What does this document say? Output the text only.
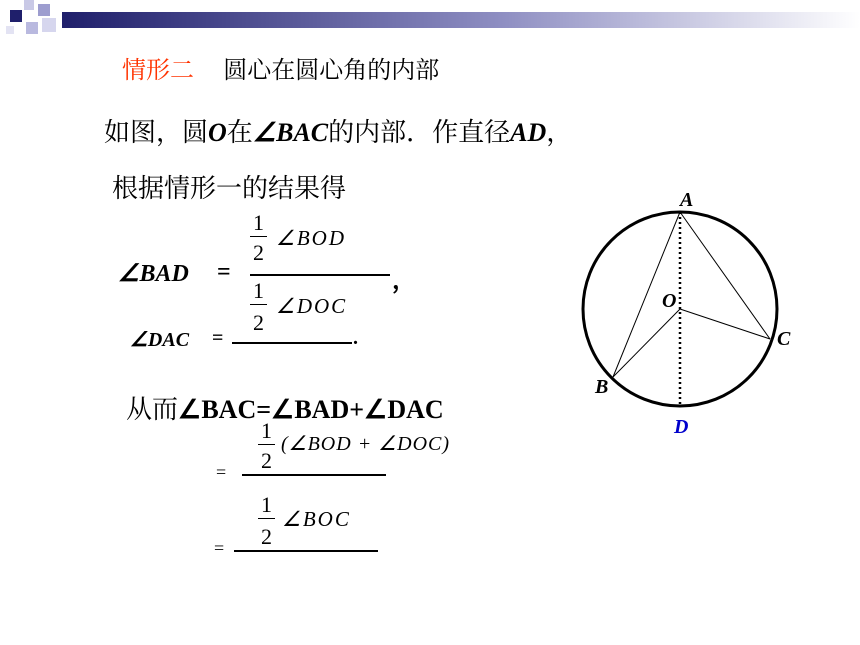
情形二 圆心在圆心角的内部
如图，圆O在∠BAC的内部．作直径AD，
根据情形一的结果得
∠BAD =
1
2
∠BOD
，
1
2
∠DOC
∠DAC =	.
从而∠BAC=∠BAD+∠DAC
1
2
(∠BOD + ∠DOC)
=
1
2
∠BOC
=
A
O
B
C
D
